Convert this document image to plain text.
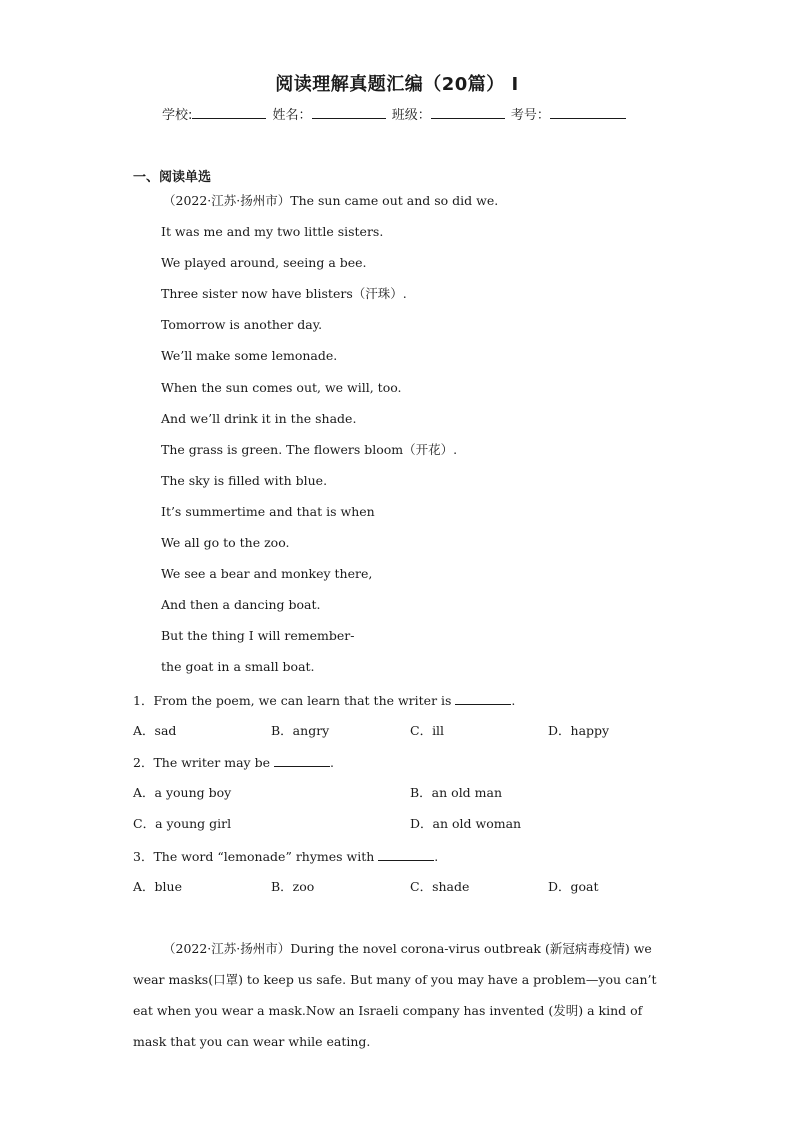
阅读理解真题汇编（20篇） I
学校:	姓名：	班级：	考号：
一、阅读单选
（2022·江苏·扬州市）The sun came out and so did we.
It was me and my two little sisters.
We played around, seeing a bee.
Three sister now have blisters（汗珠）.
Tomorrow is another day.
We’ll make some lemonade.
When the sun comes out, we will, too.
And we’ll drink it in the shade.
The grass is green. The flowers bloom（开花）.
The sky is filled with blue.
It’s summertime and that is when
We all go to the zoo.
We see a bear and monkey there,
And then a dancing boat.
But the thing I will remember-
the goat in a small boat.
1．From the poem, we can learn that the writer is	.
A．sad	B．angry	C．ill	D．happy
2．The writer may be	.
A．a young boy	B．an old man
C．a young girl	D．an old woman
3．The word “lemonade” rhymes with	.
A．blue	B．zoo	C．shade	D．goat
（2022·江苏·扬州市）During the novel corona-virus outbreak (新冠病毒疫情) we wear masks(口罩) to keep us safe. But many of you may have a problem—you can’t eat when you wear a mask.Now an Israeli company has invented (发明) a kind of mask that you can wear while eating.
